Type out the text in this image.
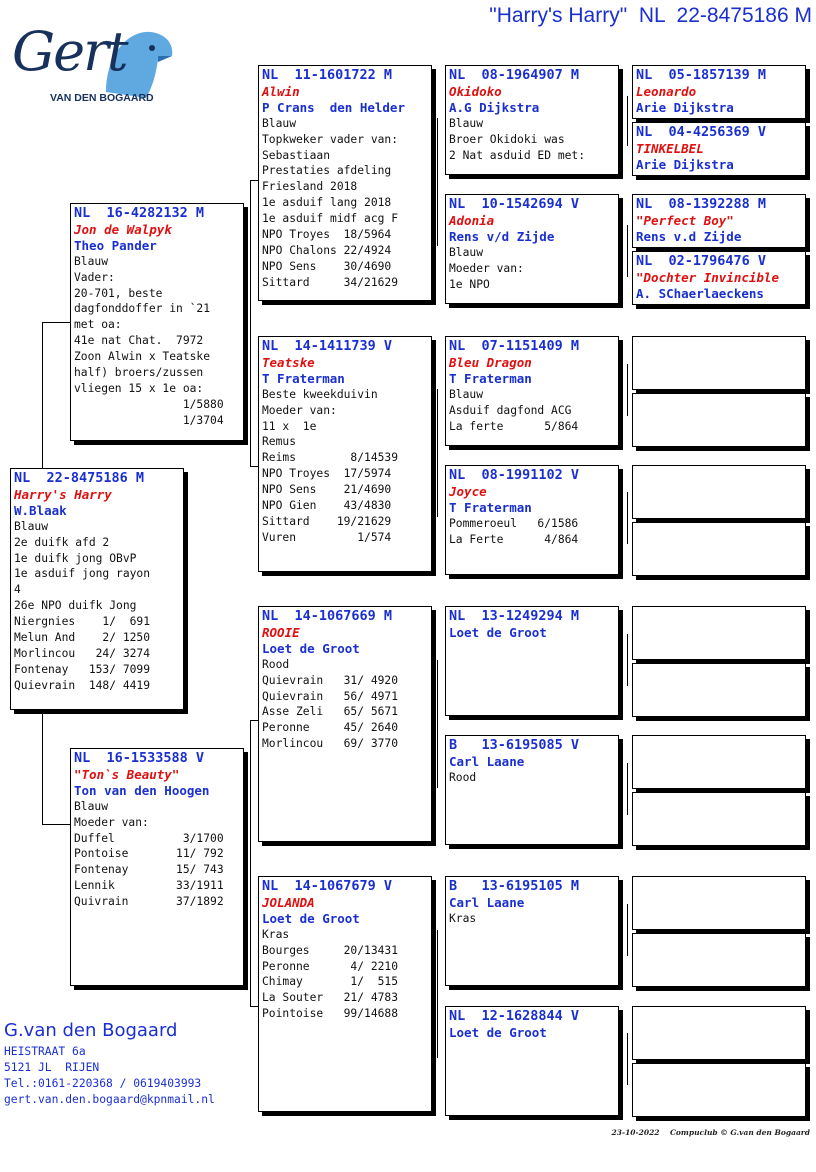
"Harry's Harry"  NL  22-8475186 M
Gert
VAN DEN BOGAARD
NL  22-8475186 M
Harry's Harry
W.Blaak
Blauw
2e duifk afd 2
1e duifk jong OBvP
1e asduif jong rayon
4
26e NPO duifk Jong
Niergnies    1/  691
Melun And    2/ 1250
Morlincou   24/ 3274
Fontenay   153/ 7099
Quievrain  148/ 4419
NL  16-4282132 M
Jon de Walpyk
Theo Pander
Blauw
Vader:
20-701, beste
dagfonddoffer in `21
met oa:
41e nat Chat.  7972
Zoon Alwin x Teatske
half) broers/zussen
vliegen 15 x 1e oa:
1/5880
1/3704
NL  16-1533588 V
"Ton`s Beauty"
Ton van den Hoogen
Blauw
Moeder van:
Duffel          3/1700
Pontoise       11/ 792
Fontenay       15/ 743
Lennik         33/1911
Quivrain       37/1892
NL  11-1601722 M
Alwin
P Crans  den Helder
Blauw
Topkweker vader van:
Sebastiaan
Prestaties afdeling
Friesland 2018
1e asduif lang 2018
1e asduif midf acg F
NPO Troyes  18/5964
NPO Chalons 22/4924
NPO Sens    30/4690
Sittard     34/21629
NL  14-1411739 V
Teatske
T Fraterman
Beste kweekduivin
Moeder van:
11 x  1e
Remus
Reims        8/14539
NPO Troyes  17/5974
NPO Sens    21/4690
NPO Gien    43/4830
Sittard    19/21629
Vuren         1/574
NL  14-1067669 M
ROOIE
Loet de Groot
Rood
Quievrain   31/ 4920
Quievrain   56/ 4971
Asse Zeli   65/ 5671
Peronne     45/ 2640
Morlincou   69/ 3770
NL  14-1067679 V
JOLANDA
Loet de Groot
Kras
Bourges     20/13431
Peronne      4/ 2210
Chimay       1/  515
La Souter   21/ 4783
Pointoise   99/14688
NL  08-1964907 M
Okidoko
A.G Dijkstra
Blauw
Broer Okidoki was
2 Nat asduid ED met:
NL  10-1542694 V
Adonia
Rens v/d Zijde
Blauw
Moeder van:
1e NPO
NL  07-1151409 M
Bleu Dragon
T Fraterman
Blauw
Asduif dagfond ACG
La ferte      5/864
NL  08-1991102 V
Joyce
T Fraterman
Pommeroeul   6/1586
La Ferte      4/864
NL  13-1249294 M
Loet de Groot
B   13-6195085 V
Carl Laane
Rood
B   13-6195105 M
Carl Laane
Kras
NL  12-1628844 V
Loet de Groot
NL  05-1857139 M
Leonardo
Arie Dijkstra
NL  04-4256369 V
TINKELBEL
Arie Dijkstra
NL  08-1392288 M
"Perfect Boy"
Rens v.d Zijde
NL  02-1796476 V
"Dochter Invincible
A. SChaerlaeckens
G.van den Bogaard
HEISTRAAT 6a
5121 JL  RIJEN
Tel.:0161-220368 / 0619403993
gert.van.den.bogaard@kpnmail.nl
23-10-2022    Compuclub © G.van den Bogaard
